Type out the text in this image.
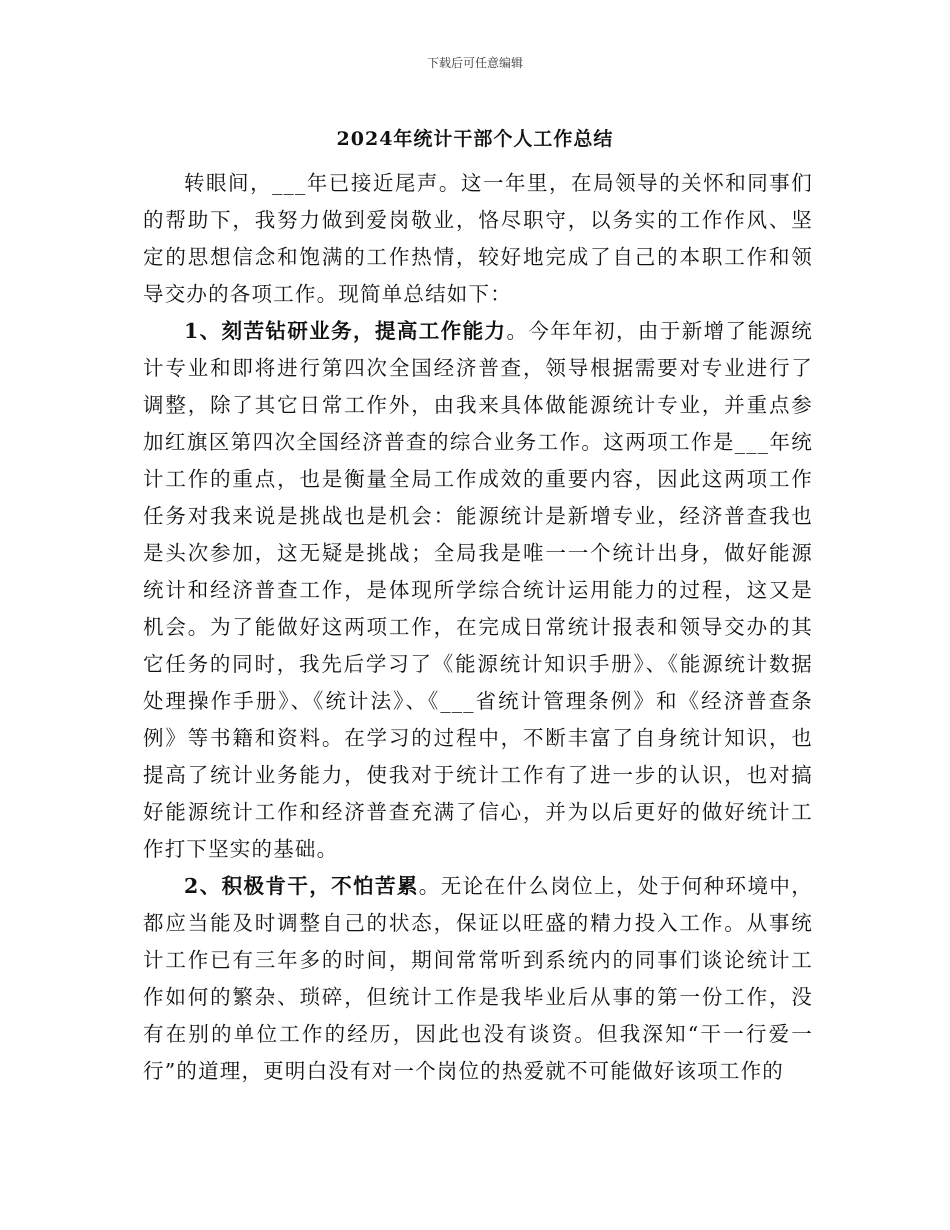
下载后可任意编辑
2024年统计干部个人工作总结

转眼间，___年已接近尾声。这一年里，在局领导的关怀和同事们的帮助下，我努力做到爱岗敬业，恪尽职守，以务实的工作作风、坚定的思想信念和饱满的工作热情，较好地完成了自己的本职工作和领导交办的各项工作。现简单总结如下：

1、刻苦钻研业务，提高工作能力。今年年初，由于新增了能源统计专业和即将进行第四次全国经济普查，领导根据需要对专业进行了调整，除了其它日常工作外，由我来具体做能源统计专业，并重点参加红旗区第四次全国经济普查的综合业务工作。这两项工作是___年统计工作的重点，也是衡量全局工作成效的重要内容，因此这两项工作任务对我来说是挑战也是机会：能源统计是新增专业，经济普查我也是头次参加，这无疑是挑战；全局我是唯一一个统计出身，做好能源统计和经济普查工作，是体现所学综合统计运用能力的过程，这又是机会。为了能做好这两项工作，在完成日常统计报表和领导交办的其它任务的同时，我先后学习了《能源统计知识手册》、《能源统计数据处理操作手册》、《统计法》、《___省统计管理条例》和《经济普查条例》等书籍和资料。在学习的过程中，不断丰富了自身统计知识，也提高了统计业务能力，使我对于统计工作有了进一步的认识，也对搞好能源统计工作和经济普查充满了信心，并为以后更好的做好统计工作打下坚实的基础。

2、积极肯干，不怕苦累。无论在什么岗位上，处于何种环境中，都应当能及时调整自己的状态，保证以旺盛的精力投入工作。从事统计工作已有三年多的时间，期间常常听到系统内的同事们谈论统计工作如何的繁杂、琐碎，但统计工作是我毕业后从事的第一份工作，没有在别的单位工作的经历，因此也没有谈资。但我深知“干一行爱一行”的道理，更明白没有对一个岗位的热爱就不可能做好该项工作的
